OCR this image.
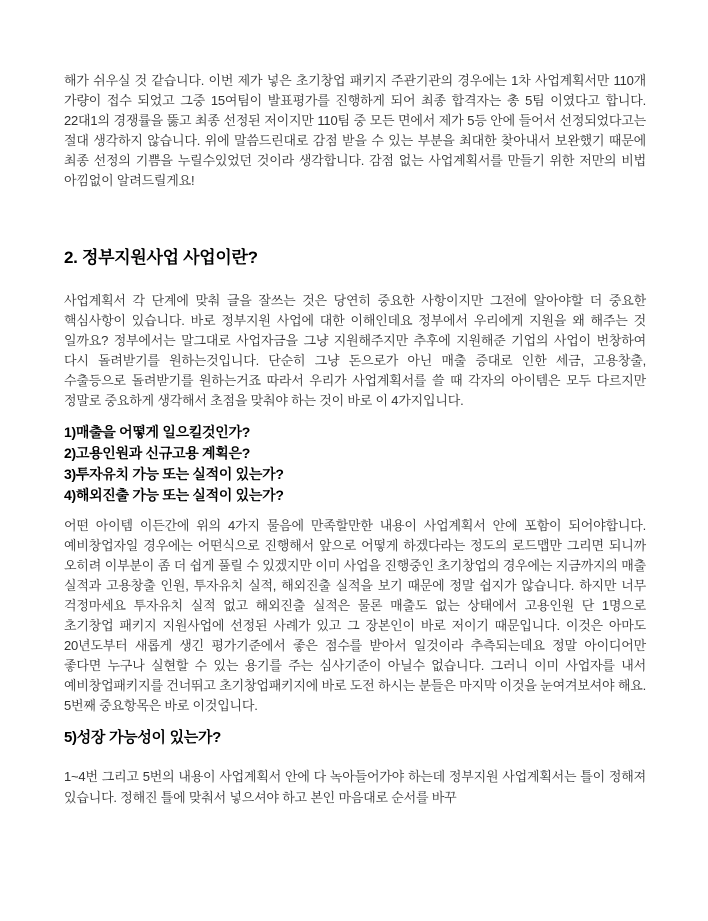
해가 쉬우실 것 같습니다. 이번 제가 넣은 초기창업 패키지 주관기관의 경우에는 1차 사업계획서만 110개 가량이 접수 되었고 그중 15여팀이 발표평가를 진행하게 되어 최종 합격자는 총 5팀 이였다고 합니다. 22대1의 경쟁률을 뚫고 최종 선정된 저이지만 110팀 중 모든 면에서 제가 5등 안에 들어서 선정되었다고는 절대 생각하지 않습니다. 위에 말씀드린대로 감점 받을 수 있는 부분을 최대한 찾아내서 보완했기 때문에 최종 선정의 기쁨을 누릴수있었던 것이라 생각합니다. 감점 없는 사업계획서를 만들기 위한 저만의 비법 아낌없이 알려드릴게요!

2. 정부지원사업 사업이란?

사업계획서 각 단계에 맞춰 글을 잘쓰는 것은 당연히 중요한 사항이지만 그전에 알아야할 더 중요한 핵심사항이 있습니다. 바로 정부지원 사업에 대한 이해인데요 정부에서 우리에게 지원을 왜 해주는 것 일까요? 정부에서는 말그대로 사업자금을 그냥 지원해주지만 추후에 지원해준 기업의 사업이 번창하여 다시 돌려받기를 원하는것입니다. 단순히 그냥 돈으로가 아닌 매출 증대로 인한 세금, 고용창출, 수출등으로 돌려받기를 원하는거죠 따라서 우리가 사업계획서를 쓸 때 각자의 아이템은 모두 다르지만 정말로 중요하게 생각해서 초점을 맞춰야 하는 것이 바로 이 4가지입니다.

1)매출을 어떻게 일으킬것인가?

2)고용인원과 신규고용 계획은?

3)투자유치 가능 또는 실적이 있는가?

4)해외진출 가능 또는 실적이 있는가?

어떤 아이템 이든간에 위의 4가지 물음에 만족할만한 내용이 사업계획서 안에 포함이 되어야합니다. 예비창업자일 경우에는 어떤식으로 진행해서 앞으로 어떻게 하겠다라는 정도의 로드맵만 그리면 되니까 오히려 이부분이 좀 더 쉽게 풀릴 수 있겠지만 이미 사업을 진행중인 초기창업의 경우에는 지금까지의 매출 실적과 고용창출 인원, 투자유치 실적, 해외진출 실적을 보기 때문에 정말 쉽지가 않습니다. 하지만 너무 걱정마세요 투자유치 실적 없고 해외진출 실적은 물론 매출도 없는 상태에서 고용인원 단 1명으로 초기창업 패키지 지원사업에 선정된 사례가 있고 그 장본인이 바로 저이기 때문입니다. 이것은 아마도 20년도부터 새롭게 생긴 평가기준에서 좋은 점수를 받아서 일것이라 추측되는데요 정말 아이디어만 좋다면 누구나 실현할 수 있는 용기를 주는 심사기준이 아닐수 없습니다. 그러니 이미 사업자를 내서 예비창업패키지를 건너뛰고 초기창업패키지에 바로 도전 하시는 분들은 마지막 이것을 눈여겨보셔야 해요. 5번째 중요항목은 바로 이것입니다.

5)성장 가능성이 있는가?

1~4번 그리고 5번의 내용이 사업계획서 안에 다 녹아들어가야 하는데 정부지원 사업계획서는 틀이 정해져 있습니다. 정해진 틀에 맞춰서 넣으셔야 하고 본인 마음대로 순서를 바꾸
